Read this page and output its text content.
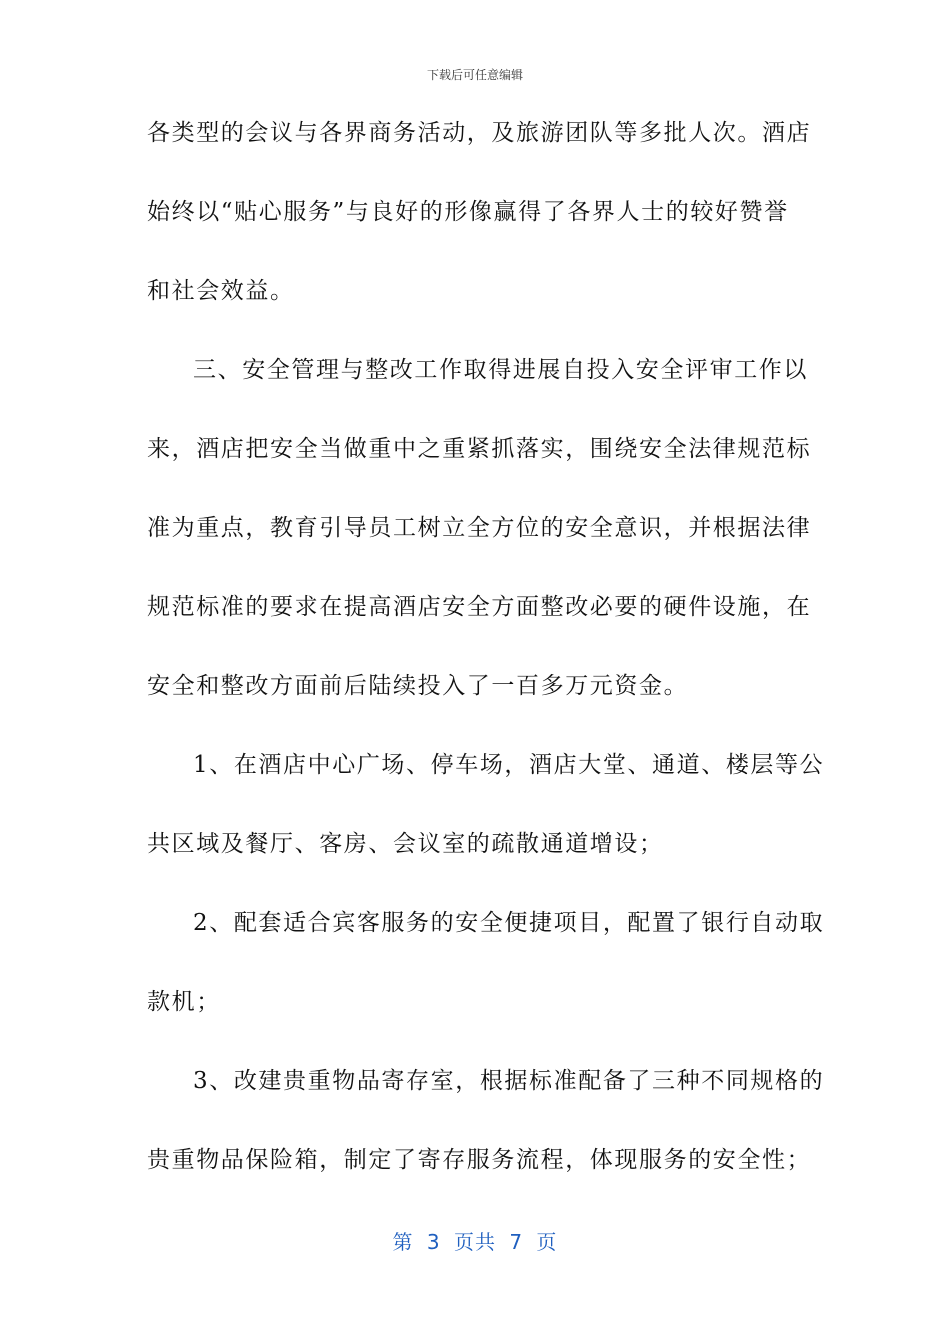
下载后可任意编辑
各类型的会议与各界商务活动，及旅游团队等多批人次。酒店
始终以“贴心服务”与良好的形像赢得了各界人士的较好赞誉
和社会效益。
三、安全管理与整改工作取得进展自投入安全评审工作以
来，酒店把安全当做重中之重紧抓落实，围绕安全法律规范标
准为重点，教育引导员工树立全方位的安全意识，并根据法律
规范标准的要求在提高酒店安全方面整改必要的硬件设施，在
安全和整改方面前后陆续投入了一百多万元资金。
1、在酒店中心广场、停车场，酒店大堂、通道、楼层等公
共区域及餐厅、客房、会议室的疏散通道增设；
2、配套适合宾客服务的安全便捷项目，配置了银行自动取
款机；
3、改建贵重物品寄存室，根据标准配备了三种不同规格的
贵重物品保险箱，制定了寄存服务流程，体现服务的安全性；
第 3 页共 7 页
